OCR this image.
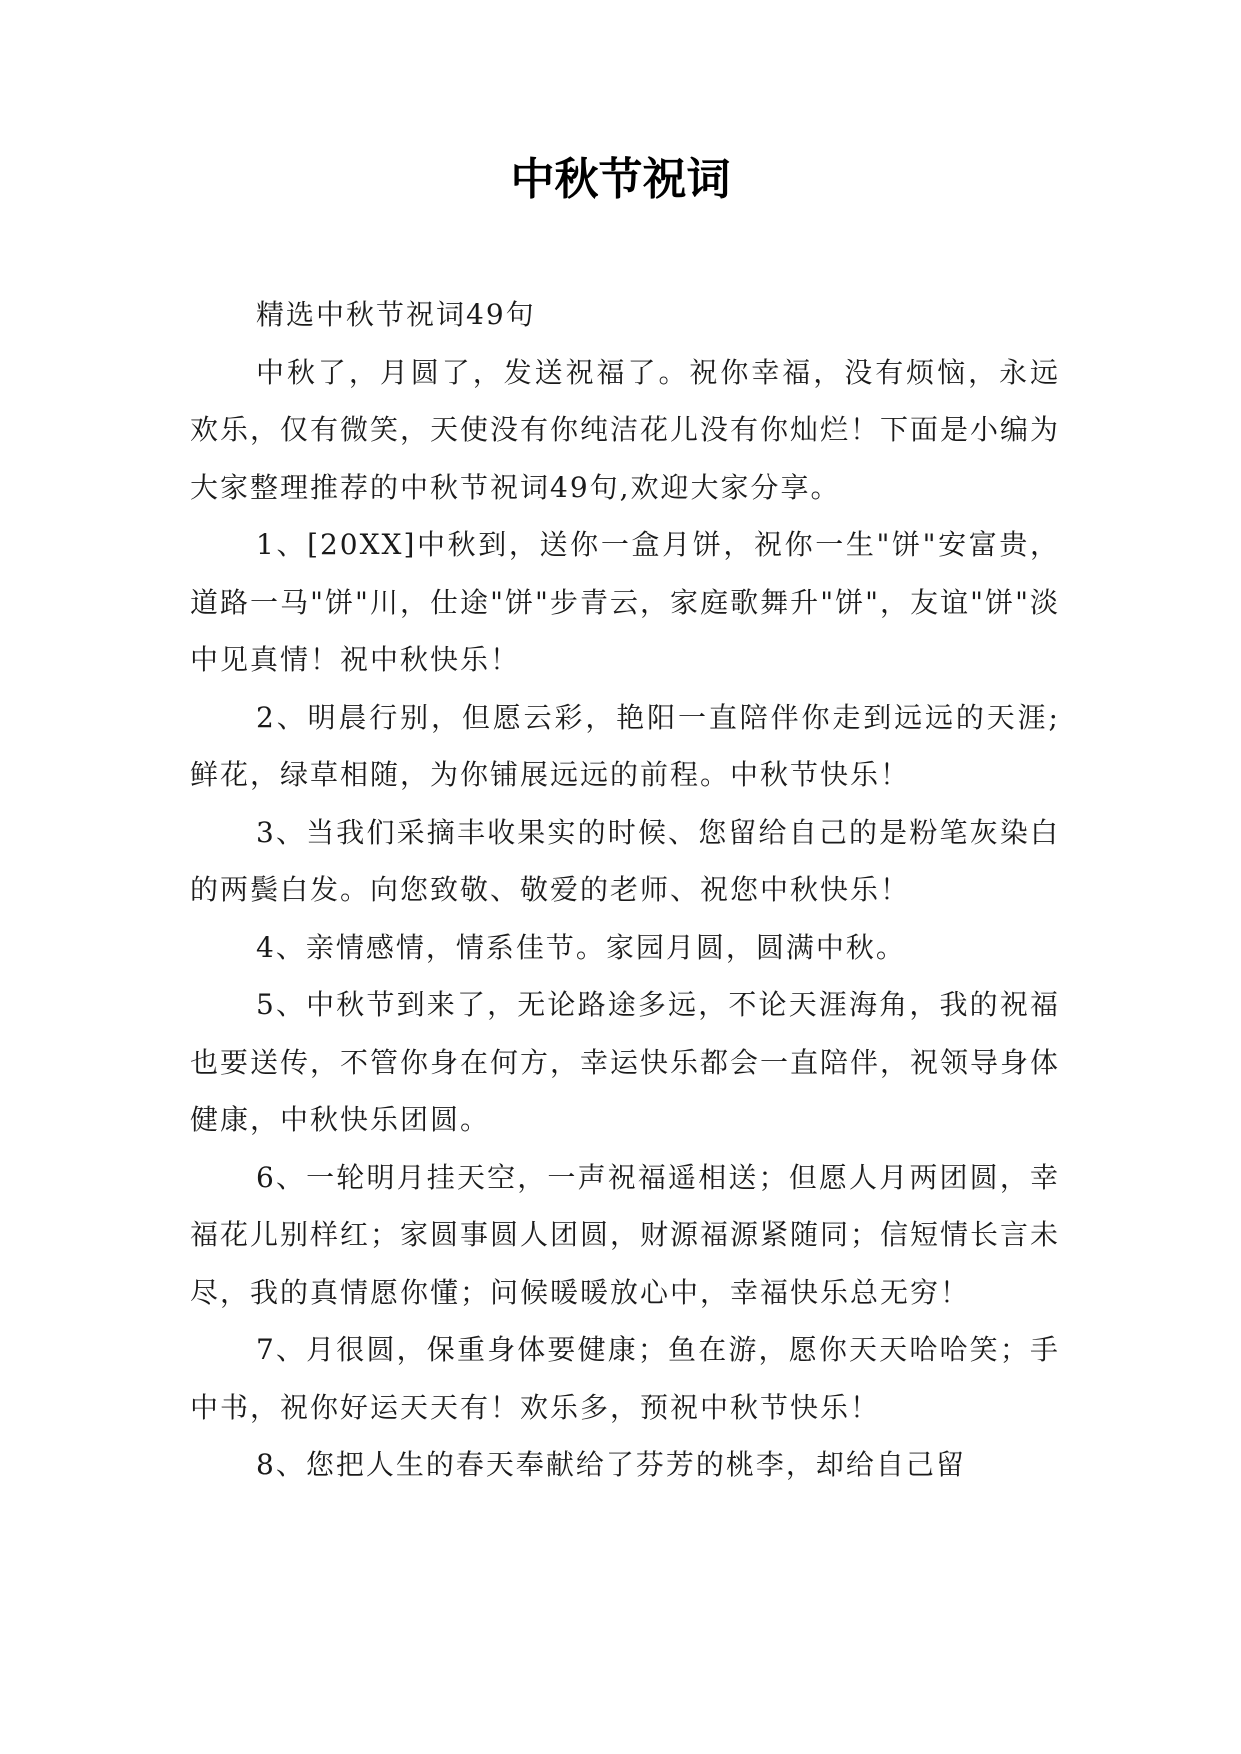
中秋节祝词

精选中秋节祝词49句

中秋了，月圆了，发送祝福了。祝你幸福，没有烦恼，永远欢乐，仅有微笑，天使没有你纯洁花儿没有你灿烂！下面是小编为大家整理推荐的中秋节祝词49句,欢迎大家分享。

1、[20XX]中秋到，送你一盒月饼，祝你一生"饼"安富贵，道路一马"饼"川，仕途"饼"步青云，家庭歌舞升"饼"，友谊"饼"淡中见真情！祝中秋快乐！

2、明晨行别，但愿云彩，艳阳一直陪伴你走到远远的天涯;鲜花，绿草相随，为你铺展远远的前程。中秋节快乐！

3、当我们采摘丰收果实的时候、您留给自己的是粉笔灰染白的两鬓白发。向您致敬、敬爱的老师、祝您中秋快乐！

4、亲情感情，情系佳节。家园月圆，圆满中秋。

5、中秋节到来了，无论路途多远，不论天涯海角，我的祝福也要送传，不管你身在何方，幸运快乐都会一直陪伴，祝领导身体健康，中秋快乐团圆。

6、一轮明月挂天空，一声祝福遥相送；但愿人月两团圆，幸福花儿别样红；家圆事圆人团圆，财源福源紧随同；信短情长言未尽，我的真情愿你懂；问候暖暖放心中，幸福快乐总无穷！

7、月很圆，保重身体要健康；鱼在游，愿你天天哈哈笑；手中书，祝你好运天天有！欢乐多，预祝中秋节快乐！

8、您把人生的春天奉献给了芬芳的桃李，却给自己留
